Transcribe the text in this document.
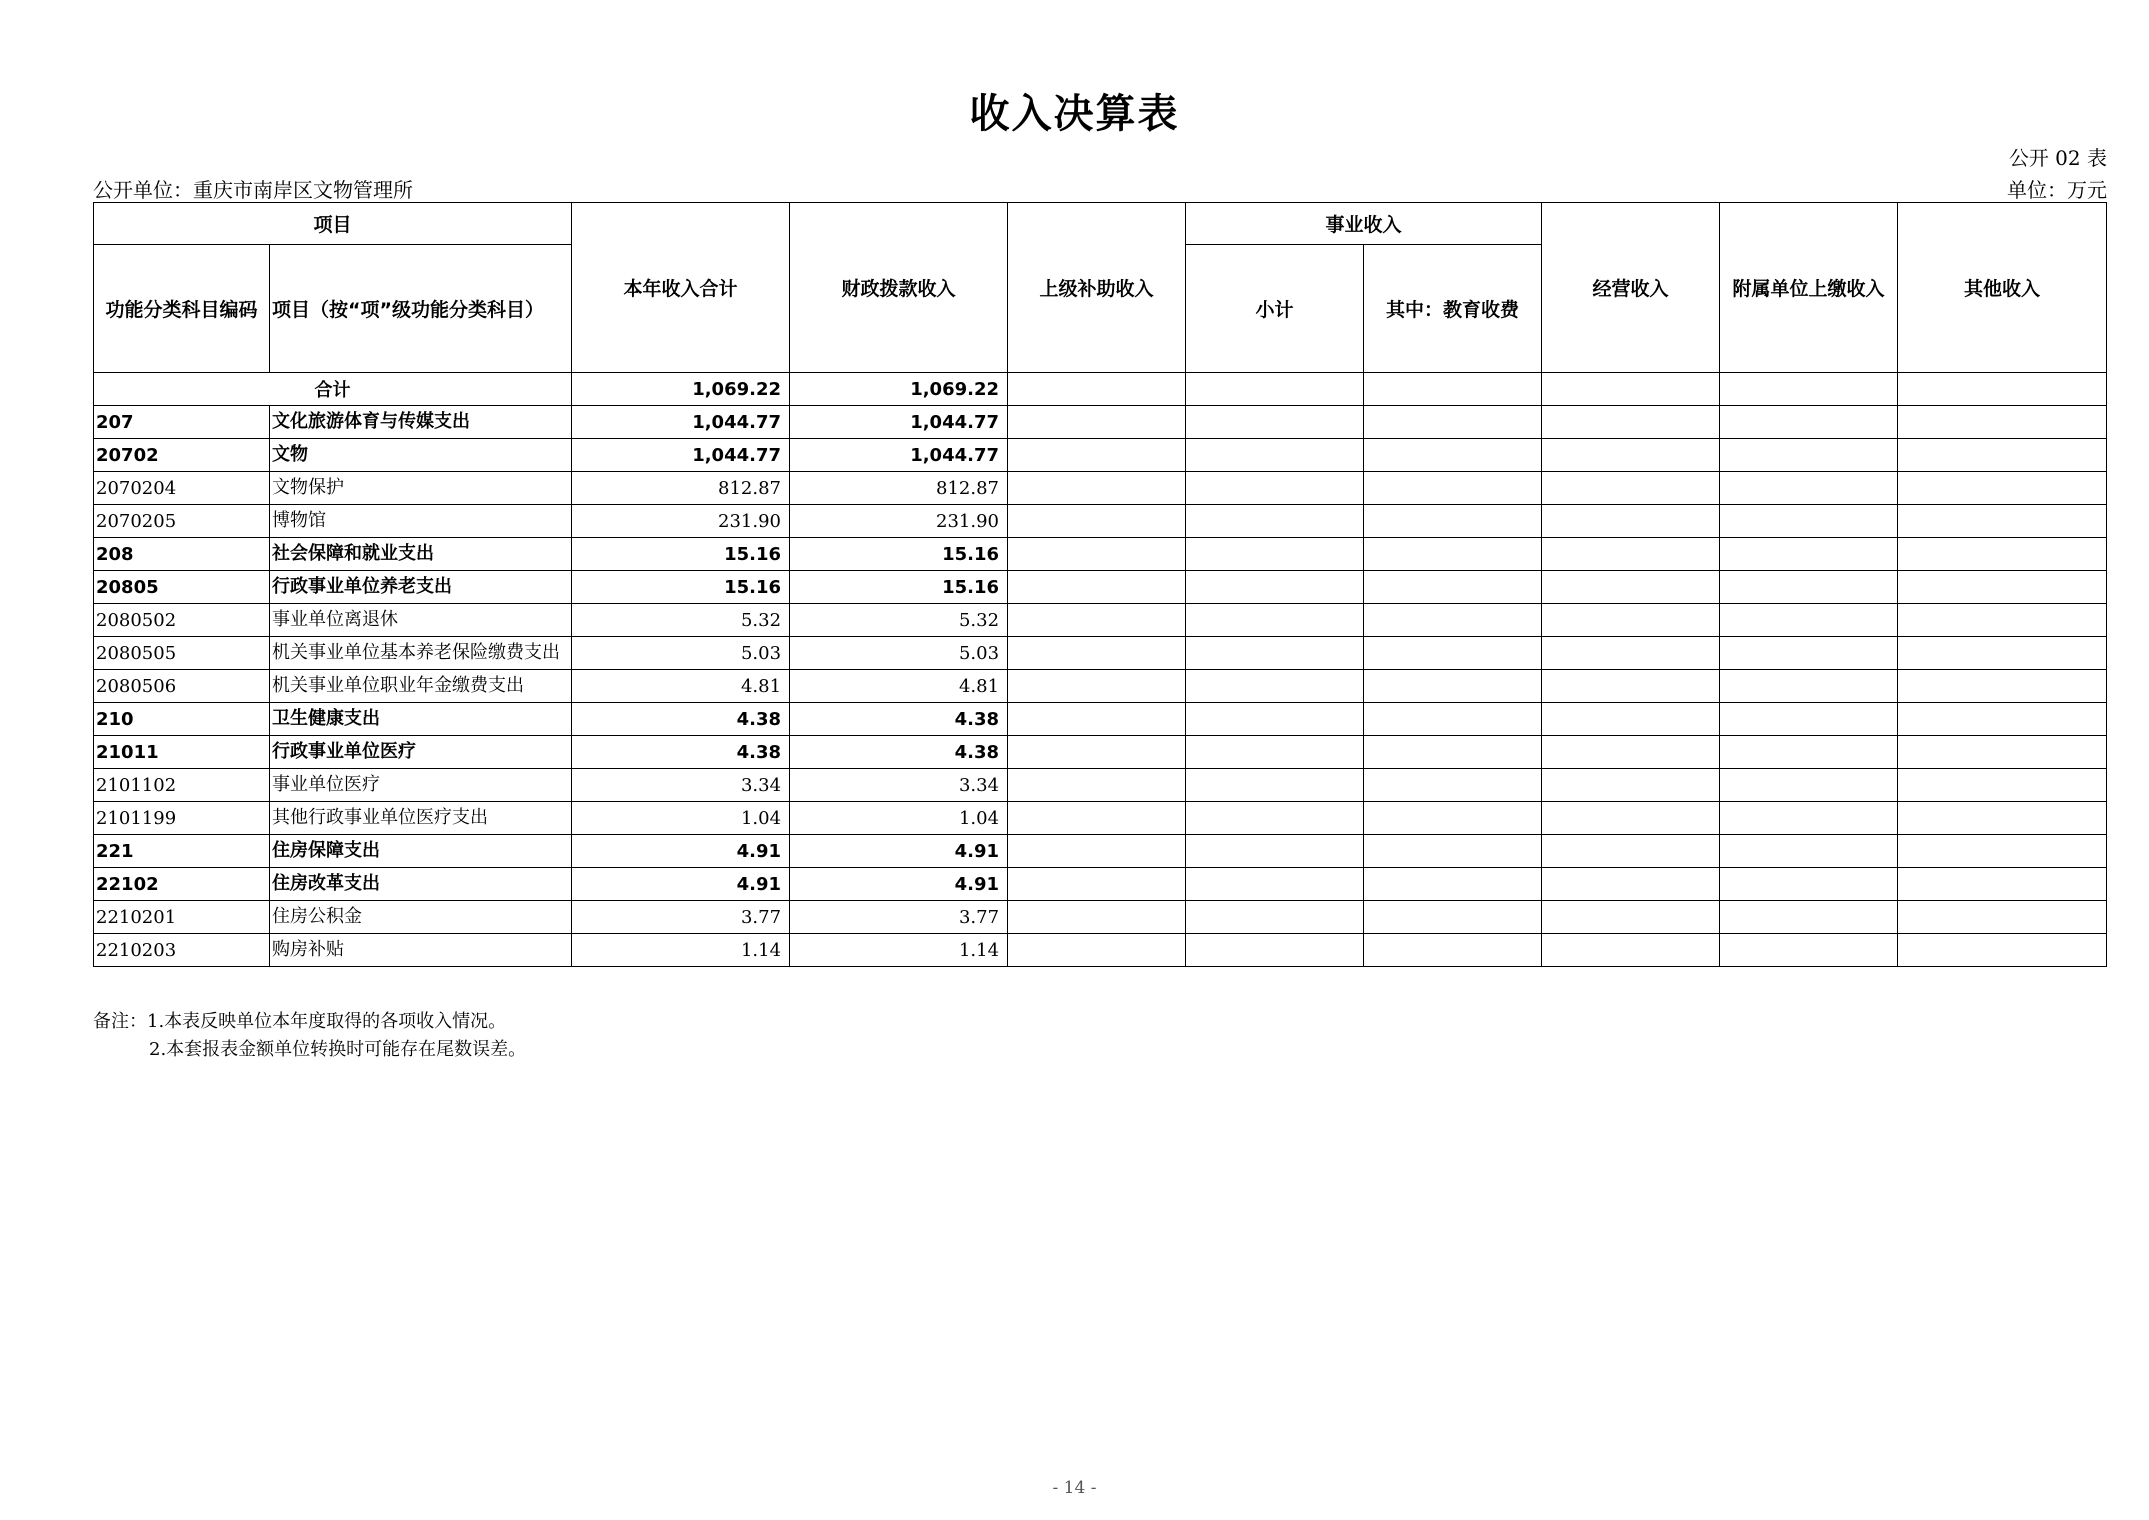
收入决算表
公开 02 表
公开单位：重庆市南岸区文物管理所	单位：万元
项目		本年收入合计	财政拨款收入	上级补助收入	事业收入		经营收入	附属单位上缴收入	其他收入
功能分类科目编码	项目（按“项”级功能分类科目）				小计	其中：教育收费			
合计		1,069.22	1,069.22						
207	文化旅游体育与传媒支出	1,044.77	1,044.77						
20702	文物	1,044.77	1,044.77						
2070204	文物保护	812.87	812.87						
2070205	博物馆	231.90	231.90						
208	社会保障和就业支出	15.16	15.16						
20805	行政事业单位养老支出	15.16	15.16						
2080502	事业单位离退休	5.32	5.32						
2080505	机关事业单位基本养老保险缴费支出	5.03	5.03						
2080506	机关事业单位职业年金缴费支出	4.81	4.81						
210	卫生健康支出	4.38	4.38						
21011	行政事业单位医疗	4.38	4.38						
2101102	事业单位医疗	3.34	3.34						
2101199	其他行政事业单位医疗支出	1.04	1.04						
221	住房保障支出	4.91	4.91						
22102	住房改革支出	4.91	4.91						
2210201	住房公积金	3.77	3.77						
2210203	购房补贴	1.14	1.14						
备注：1.本表反映单位本年度取得的各项收入情况。
2.本套报表金额单位转换时可能存在尾数误差。
- 14 -
